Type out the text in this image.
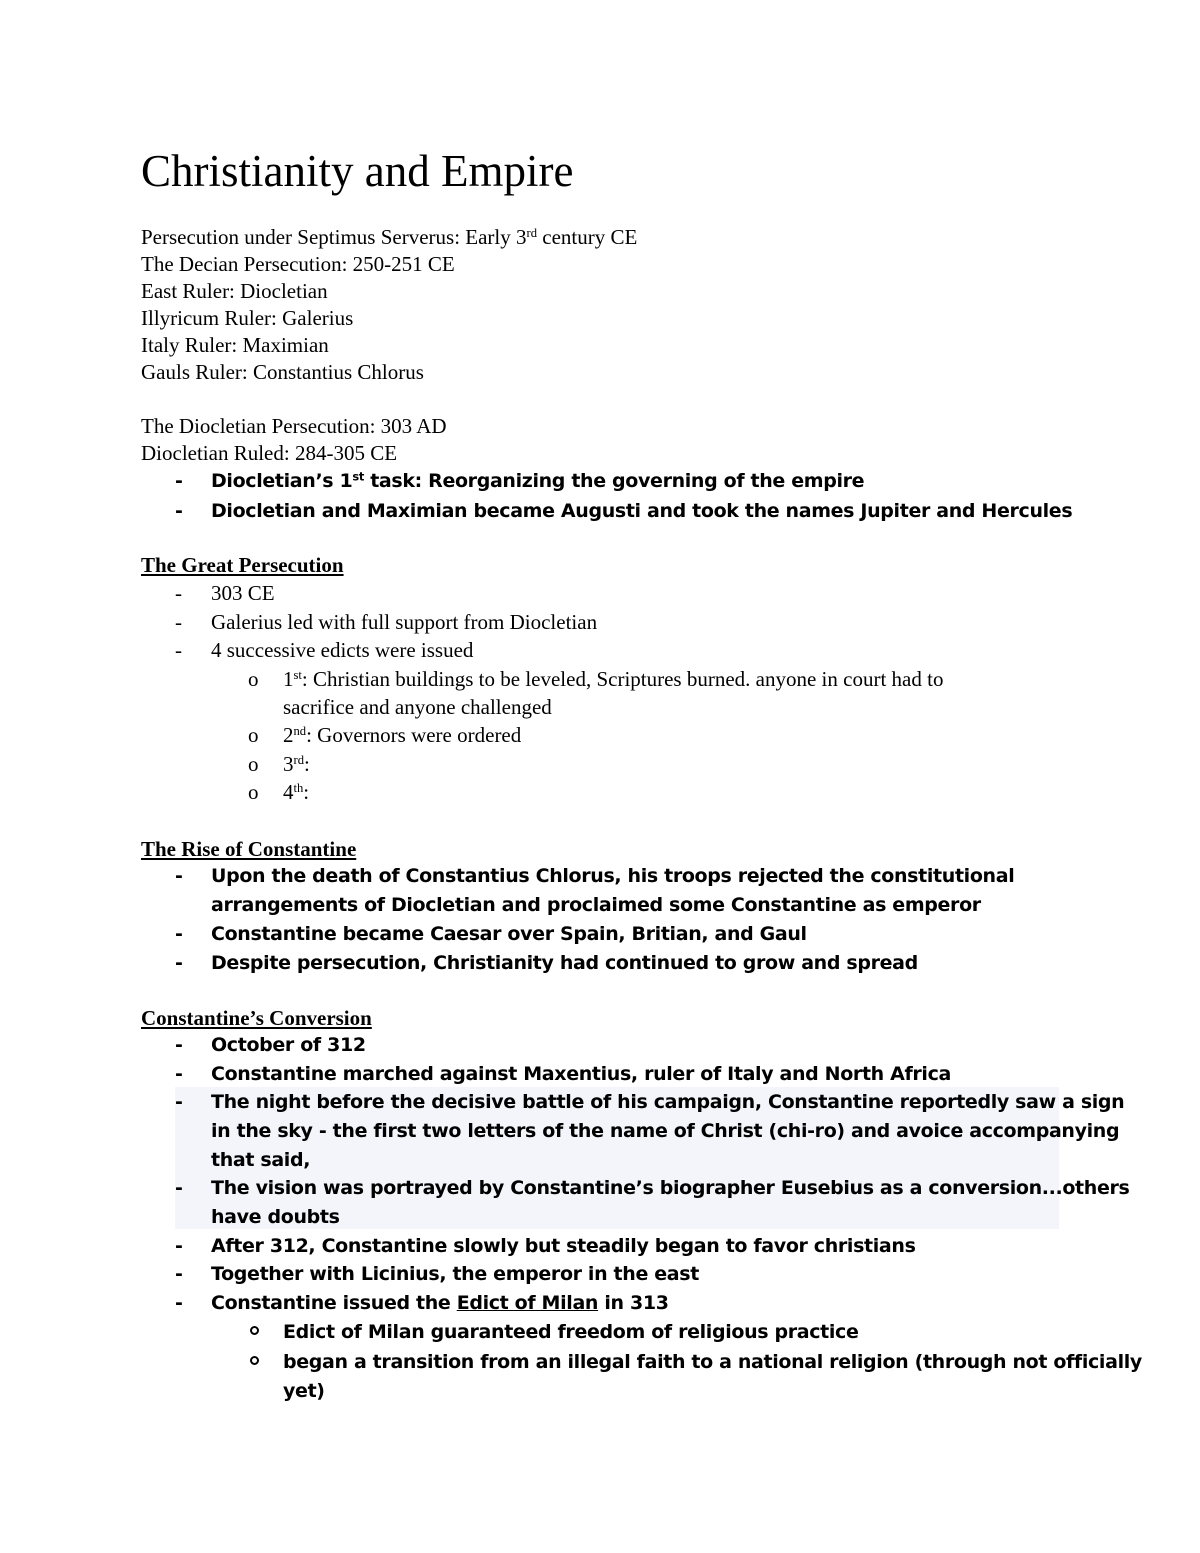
Christianity and Empire
Persecution under Septimus Serverus: Early 3rd century CE
The Decian Persecution: 250-251 CE
East Ruler: Diocletian
Illyricum Ruler: Galerius
Italy Ruler: Maximian
Gauls Ruler: Constantius Chlorus
The Diocletian Persecution: 303 AD
Diocletian Ruled: 284-305 CE
- Diocletian’s 1st task: Reorganizing the governing of the empire
- Diocletian and Maximian became Augusti and took the names Jupiter and Hercules
The Great Persecution
- 303 CE
- Galerius led with full support from Diocletian
- 4 successive edicts were issued
o 1st: Christian buildings to be leveled, Scriptures burned. anyone in court had to
sacrifice and anyone challenged
o 2nd: Governors were ordered
o 3rd:
o 4th:
The Rise of Constantine
- Upon the death of Constantius Chlorus, his troops rejected the constitutional
arrangements of Diocletian and proclaimed some Constantine as emperor
- Constantine became Caesar over Spain, Britian, and Gaul
- Despite persecution, Christianity had continued to grow and spread
Constantine’s Conversion
- October of 312
- Constantine marched against Maxentius, ruler of Italy and North Africa
- The night before the decisive battle of his campaign, Constantine reportedly saw a sign
in the sky - the first two letters of the name of Christ (chi-ro) and avoice accompanying
that said,
- The vision was portrayed by Constantine’s biographer Eusebius as a conversion...others
have doubts
- After 312, Constantine slowly but steadily began to favor christians
- Together with Licinius, the emperor in the east
- Constantine issued the Edict of Milan in 313
Edict of Milan guaranteed freedom of religious practice
began a transition from an illegal faith to a national religion (through not officially
yet)
